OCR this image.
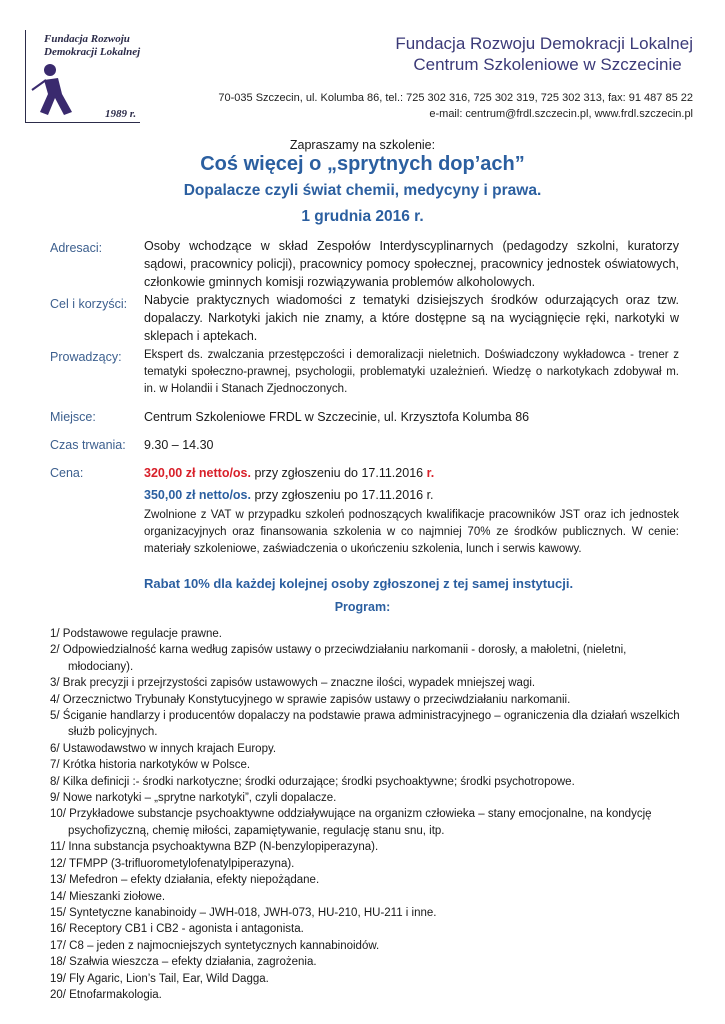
Fundacja Rozwoju
Demokracji Lokalnej
1989 r.
Fundacja Rozwoju Demokracji Lokalnej
Centrum Szkoleniowe w Szczecinie
70-035 Szczecin, ul. Kolumba 86, tel.: 725 302 316, 725 302 319, 725 302 313, fax: 91 487 85 22
e-mail: centrum@frdl.szczecin.pl, www.frdl.szczecin.pl
Zapraszamy na szkolenie:
Coś więcej o „sprytnych dop’ach”
Dopalacze czyli świat chemii, medycyny i prawa.
1 grudnia 2016 r.
Adresaci:	Osoby wchodzące w skład Zespołów Interdyscyplinarnych (pedagodzy szkolni, kuratorzy sądowi, pracownicy policji), pracownicy pomocy społecznej, pracownicy jednostek oświatowych, członkowie gminnych komisji rozwiązywania problemów alkoholowych.
Cel i korzyści: Nabycie praktycznych wiadomości z tematyki dzisiejszych środków odurzających oraz tzw. dopalaczy. Narkotyki jakich nie znamy, a które dostępne są na wyciągnięcie ręki, narkotyki w sklepach i aptekach.
Prowadzący: Ekspert ds. zwalczania przestępczości i demoralizacji nieletnich. Doświadczony wykładowca - trener z tematyki społeczno-prawnej, psychologii, problematyki uzależnień. Wiedzę o narkotykach zdobywał m. in. w Holandii i Stanach Zjednoczonych.
Miejsce:	Centrum Szkoleniowe FRDL w Szczecinie, ul. Krzysztofa Kolumba 86
Czas trwania: 9.30 – 14.30
Cena:	320,00 zł netto/os. przy zgłoszeniu do 17.11.2016 r.
350,00 zł netto/os. przy zgłoszeniu po 17.11.2016 r.
Zwolnione z VAT w przypadku szkoleń podnoszących kwalifikacje pracowników JST oraz ich jednostek organizacyjnych oraz finansowania szkolenia w co najmniej 70% ze środków publicznych. W cenie: materiały szkoleniowe, zaświadczenia o ukończeniu szkolenia, lunch i serwis kawowy.
Rabat 10% dla każdej kolejnej osoby zgłoszonej z tej samej instytucji.
Program:
1/ Podstawowe regulacje prawne.
2/ Odpowiedzialność karna według zapisów ustawy o przeciwdziałaniu narkomanii - dorosły, a małoletni, (nieletni, młodociany).
3/ Brak precyzji i przejrzystości zapisów ustawowych – znaczne ilości, wypadek mniejszej wagi.
4/ Orzecznictwo Trybunały Konstytucyjnego w sprawie zapisów ustawy o przeciwdziałaniu narkomanii.
5/ Ściganie handlarzy i producentów dopalaczy na podstawie prawa administracyjnego – ograniczenia dla działań wszelkich służb policyjnych.
6/ Ustawodawstwo w innych krajach Europy.
7/ Krótka historia narkotyków w Polsce.
8/ Kilka definicji :- środki narkotyczne; środki odurzające; środki psychoaktywne; środki psychotropowe.
9/ Nowe narkotyki – „sprytne narkotyki”, czyli dopalacze.
10/ Przykładowe substancje psychoaktywne oddziaływujące na organizm człowieka – stany emocjonalne, na kondycję psychofizyczną, chemię miłości, zapamiętywanie, regulację stanu snu, itp.
11/ Inna substancja psychoaktywna BZP (N-benzylopiperazyna).
12/ TFMPP (3-trifluorometylofenatylpiperazyna).
13/ Mefedron – efekty działania, efekty niepożądane.
14/ Mieszanki ziołowe.
15/ Syntetyczne kanabinoidy – JWH-018, JWH-073, HU-210, HU-211 i inne.
16/ Receptory CB1 i CB2 - agonista i antagonista.
17/ C8 – jeden z najmocniejszych syntetycznych kannabinoidów.
18/ Szałwia wieszcza – efekty działania, zagrożenia.
19/ Fly Agaric, Lion’s Tail, Ear, Wild Dagga.
20/ Etnofarmakologia.
